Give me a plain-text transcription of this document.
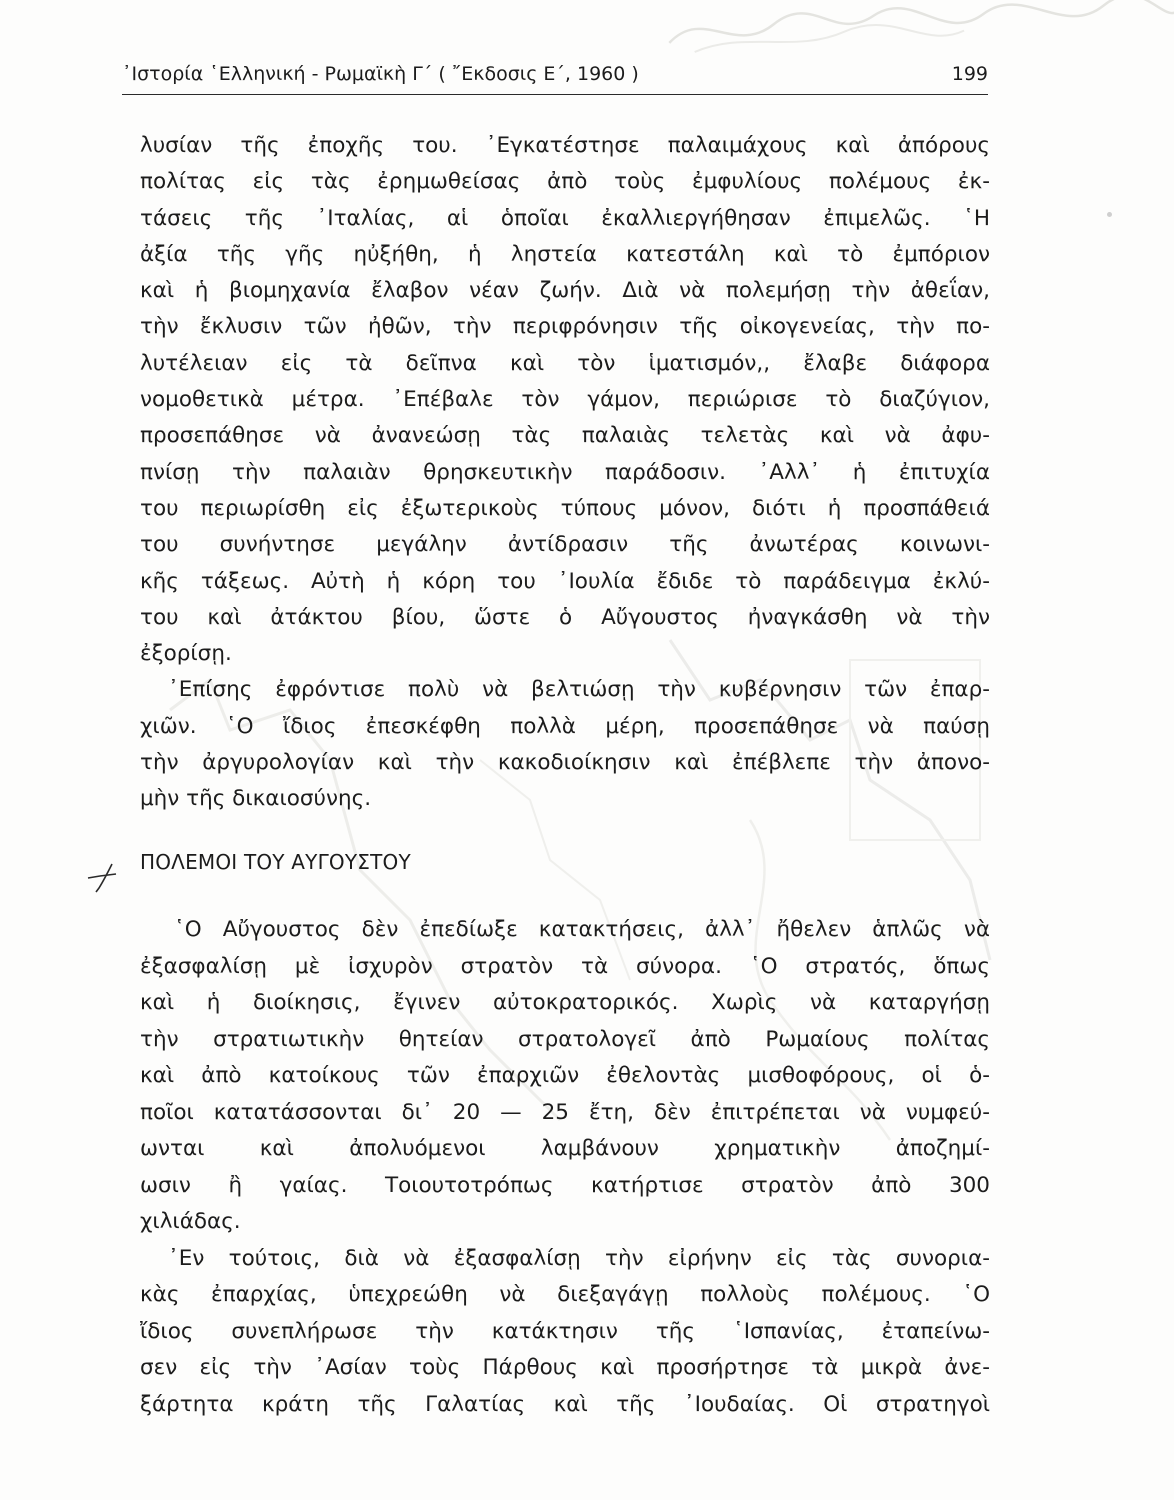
᾿Ιστορία ῾Ελληνική - Ρωμαϊκὴ Γ΄ ( ῎Εκδοσις Ε΄, 1960 )	199
λυσίαν τῆς ἐποχῆς του. ᾿Εγκατέστησε παλαιμάχους καὶ ἀπόρους
πολίτας εἰς τὰς ἐρημωθείσας ἀπὸ τοὺς ἐμφυλίους πολέμους ἐκ-
τάσεις τῆς ᾿Ιταλίας, αἱ ὁποῖαι ἐκαλλιεργήθησαν ἐπιμελῶς. ῾Η
ἀξία τῆς γῆς ηὐξήθη, ἡ ληστεία κατεστάλη καὶ τὸ ἐμπόριον
καὶ ἡ βιομηχανία ἔλαβον νέαν ζωήν. Διὰ νὰ πολεμήσῃ τὴν ἀθεΐαν,
τὴν ἔκλυσιν τῶν ἠθῶν, τὴν περιφρόνησιν τῆς οἰκογενείας, τὴν πο-
λυτέλειαν εἰς τὰ δεῖπνα καὶ τὸν ἱματισμόν,, ἔλαβε διάφορα
νομοθετικὰ μέτρα. ᾿Επέβαλε τὸν γάμον, περιώρισε τὸ διαζύγιον,
προσεπάθησε νὰ ἀνανεώσῃ τὰς παλαιὰς τελετὰς καὶ νὰ ἀφυ-
πνίσῃ τὴν παλαιὰν θρησκευτικὴν παράδοσιν. ᾿Αλλ᾿ ἡ ἐπιτυχία
του περιωρίσθη εἰς ἐξωτερικοὺς τύπους μόνον, διότι ἡ προσπάθειά
του συνήντησε μεγάλην ἀντίδρασιν τῆς ἀνωτέρας κοινωνι-
κῆς τάξεως. Αὐτὴ ἡ κόρη του ᾿Ιουλία ἔδιδε τὸ παράδειγμα ἐκλύ-
του καὶ ἀτάκτου βίου, ὥστε ὁ Αὔγουστος ἠναγκάσθη νὰ τὴν
ἐξορίσῃ.
᾿Επίσης ἐφρόντισε πολὺ νὰ βελτιώσῃ τὴν κυβέρνησιν τῶν ἐπαρ-
χιῶν. ῾Ο ἴδιος ἐπεσκέφθη πολλὰ μέρη, προσεπάθησε νὰ παύσῃ
τὴν ἀργυρολογίαν καὶ τὴν κακοδιοίκησιν καὶ ἐπέβλεπε τὴν ἀπονο-
μὴν τῆς δικαιοσύνης.
ΠΟΛΕΜΟΙ ΤΟΥ ΑΥΓΟΥΣΤΟΥ
῾Ο Αὔγουστος δὲν ἐπεδίωξε κατακτήσεις, ἀλλ᾿ ἤθελεν ἁπλῶς νὰ
ἐξασφαλίσῃ μὲ ἰσχυρὸν στρατὸν τὰ σύνορα. ῾Ο στρατός, ὅπως
καὶ ἡ διοίκησις, ἔγινεν αὐτοκρατορικός. Χωρὶς νὰ καταργήσῃ
τὴν στρατιωτικὴν θητείαν στρατολογεῖ ἀπὸ Ρωμαίους πολίτας
καὶ ἀπὸ κατοίκους τῶν ἐπαρχιῶν ἐθελοντὰς μισθοφόρους, οἱ ὁ-
ποῖοι κατατάσσονται δι᾿ 20 — 25 ἔτη, δὲν ἐπιτρέπεται νὰ νυμφεύ-
ωνται καὶ ἀπολυόμενοι λαμβάνουν χρηματικὴν ἀποζημί-
ωσιν ἢ γαίας. Τοιουτοτρόπως κατήρτισε στρατὸν ἀπὸ 300
χιλιάδας.
᾿Εν τούτοις, διὰ νὰ ἐξασφαλίσῃ τὴν εἰρήνην εἰς τὰς συνορια-
κὰς ἐπαρχίας, ὑπεχρεώθη νὰ διεξαγάγῃ πολλοὺς πολέμους. ῾Ο
ἴδιος συνεπλήρωσε τὴν κατάκτησιν τῆς ῾Ισπανίας, ἐταπείνω-
σεν εἰς τὴν ᾿Ασίαν τοὺς Πάρθους καὶ προσήρτησε τὰ μικρὰ ἀνε-
ξάρτητα κράτη τῆς Γαλατίας καὶ τῆς ᾿Ιουδαίας. Οἱ στρατηγοὶ
